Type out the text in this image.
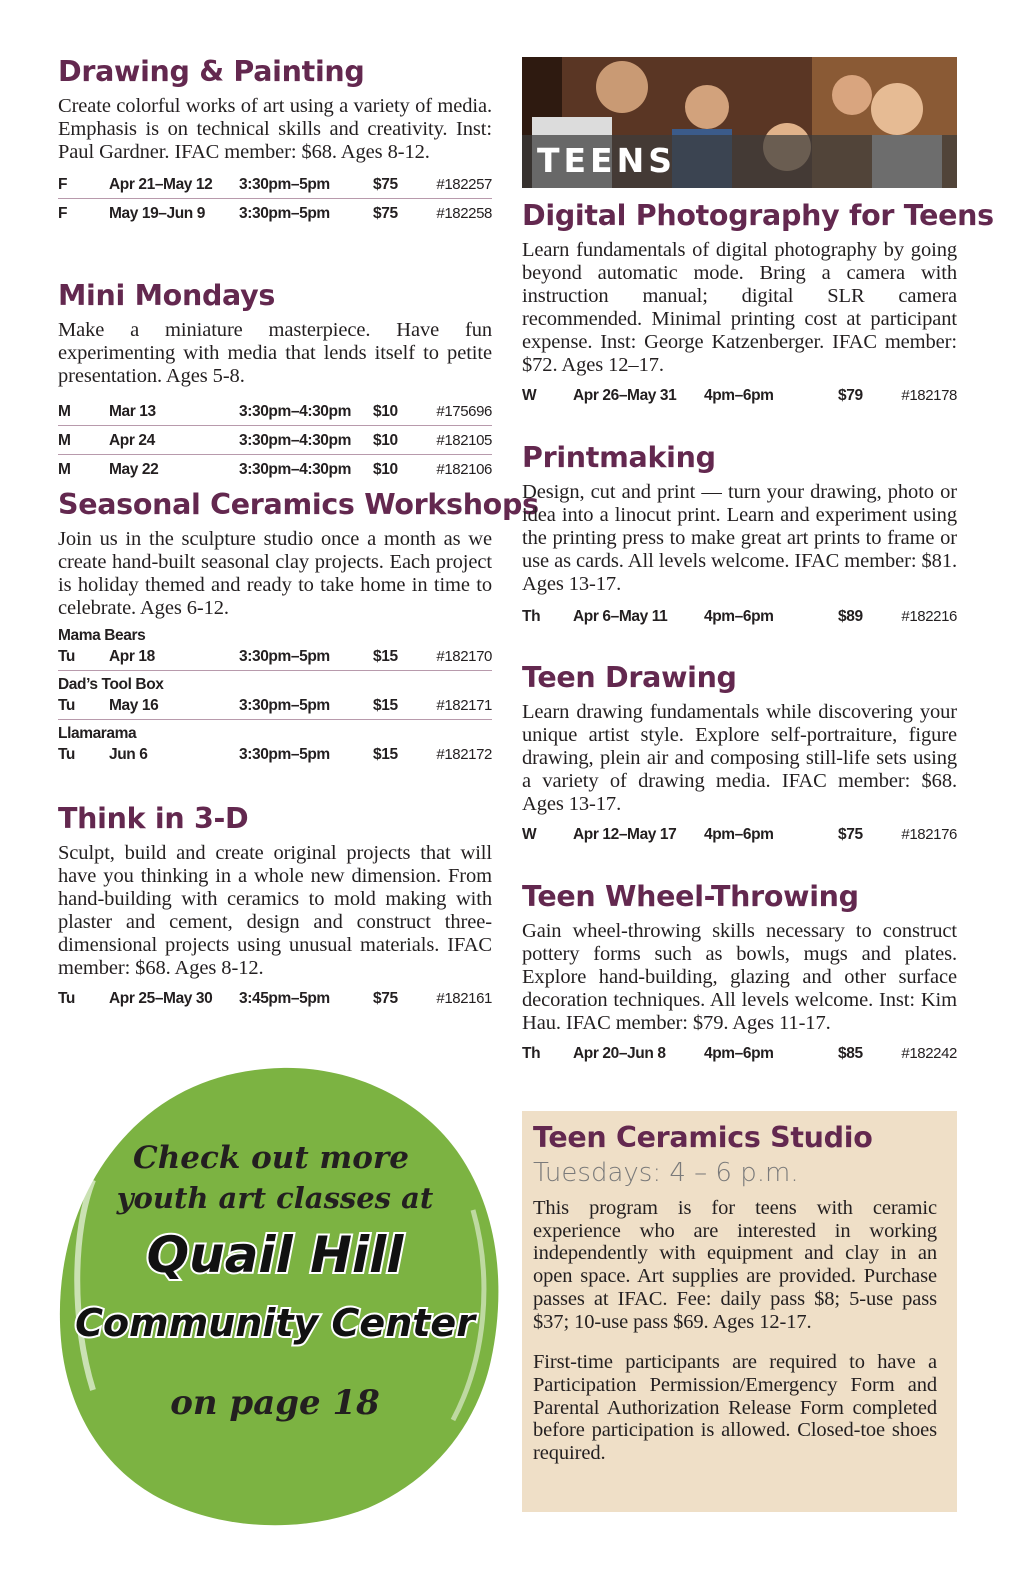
Drawing & Painting

Create colorful works of art using a variety of media. Emphasis is on technical skills and creativity. Inst: Paul Gardner. IFAC member: $68. Ages 8-12.

F	Apr 21–May 12	3:30pm–5pm	$75	#182257
F	May 19–Jun 9	3:30pm–5pm	$75	#182258
Mini Mondays

Make a miniature masterpiece. Have fun experimenting with media that lends itself to petite presentation. Ages 5-8.

M	Mar 13	3:30pm–4:30pm	$10	#175696
M	Apr 24	3:30pm–4:30pm	$10	#182105
M	May 22	3:30pm–4:30pm	$10	#182106
Seasonal Ceramics Workshops

Join us in the sculpture studio once a month as we create hand-built seasonal clay projects. Each project is holiday themed and ready to take home in time to celebrate. Ages 6-12.

Mama Bears
Tu	Apr 18	3:30pm–5pm	$15	#182170
Dad’s Tool Box
Tu	May 16	3:30pm–5pm	$15	#182171
Llamarama
Tu	Jun 6	3:30pm–5pm	$15	#182172
Think in 3-D

Sculpt, build and create original projects that will have you thinking in a whole new dimension. From hand-building with ceramics to mold making with plaster and cement, design and construct three-dimensional projects using unusual materials. IFAC member: $68. Ages 8-12.

Tu	Apr 25–May 30	3:45pm–5pm	$75	#182161
Check out more
youth art classes at
Quail Hill
Community Center
on page 18
TEENS
Digital Photography for Teens

Learn fundamentals of digital photography by going beyond automatic mode. Bring a camera with instruction manual; digital SLR camera recommended. Minimal printing cost at participant expense. Inst: George Katzenberger. IFAC member: $72. Ages 12–17.

W	Apr 26–May 31	4pm–6pm	$79	#182178
Printmaking

Design, cut and print — turn your drawing, photo or idea into a linocut print. Learn and experiment using the printing press to make great art prints to frame or use as cards. All levels welcome. IFAC member: $81. Ages 13-17.

Th	Apr 6–May 11	4pm–6pm	$89	#182216
Teen Drawing

Learn drawing fundamentals while discovering your unique artist style. Explore self-portraiture, figure drawing, plein air and composing still-life sets using a variety of drawing media. IFAC member: $68. Ages 13-17.

W	Apr 12–May 17	4pm–6pm	$75	#182176
Teen Wheel-Throwing

Gain wheel-throwing skills necessary to construct pottery forms such as bowls, mugs and plates. Explore hand-building, glazing and other surface decoration techniques. All levels welcome. Inst: Kim Hau. IFAC member: $79. Ages 11-17.

Th	Apr 20–Jun 8	4pm–6pm	$85	#182242
Teen Ceramics Studio
Tuesdays: 4 – 6 p.m.

This program is for teens with ceramic experience who are interested in working independently with equipment and clay in an open space. Art supplies are provided. Purchase passes at IFAC. Fee: daily pass $8; 5-use pass $37; 10-use pass $69. Ages 12-17.

First-time participants are required to have a Participation Permission/Emergency Form and Parental Authorization Release Form completed before participation is allowed. Closed-toe shoes required.
